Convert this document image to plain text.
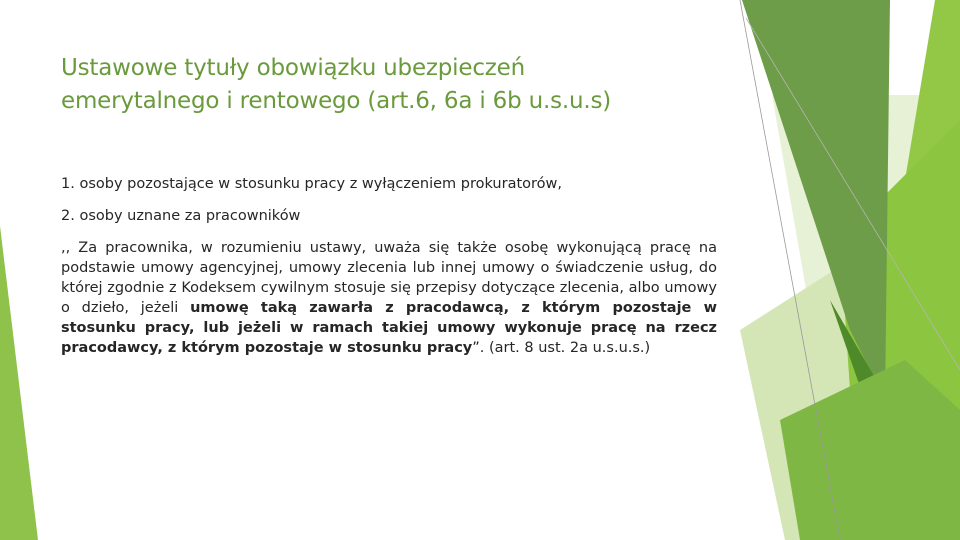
Ustawowe tytuły obowiązku ubezpieczeń
emerytalnego i rentowego (art.6, 6a i 6b u.s.u.s)

1. osoby pozostające w stosunku pracy z wyłączeniem prokuratorów,

2. osoby uznane za pracowników

,, Za pracownika, w rozumieniu ustawy, uważa się także osobę wykonującą pracę na podstawie umowy agencyjnej, umowy zlecenia lub innej umowy o świadczenie usług, do której zgodnie z Kodeksem cywilnym stosuje się przepisy dotyczące zlecenia, albo umowy o dzieło, jeżeli umowę taką zawarła z pracodawcą, z którym pozostaje w stosunku pracy, lub jeżeli w ramach takiej umowy wykonuje pracę na rzecz pracodawcy, z którym pozostaje w stosunku pracy”. (art. 8 ust. 2a u.s.u.s.)
